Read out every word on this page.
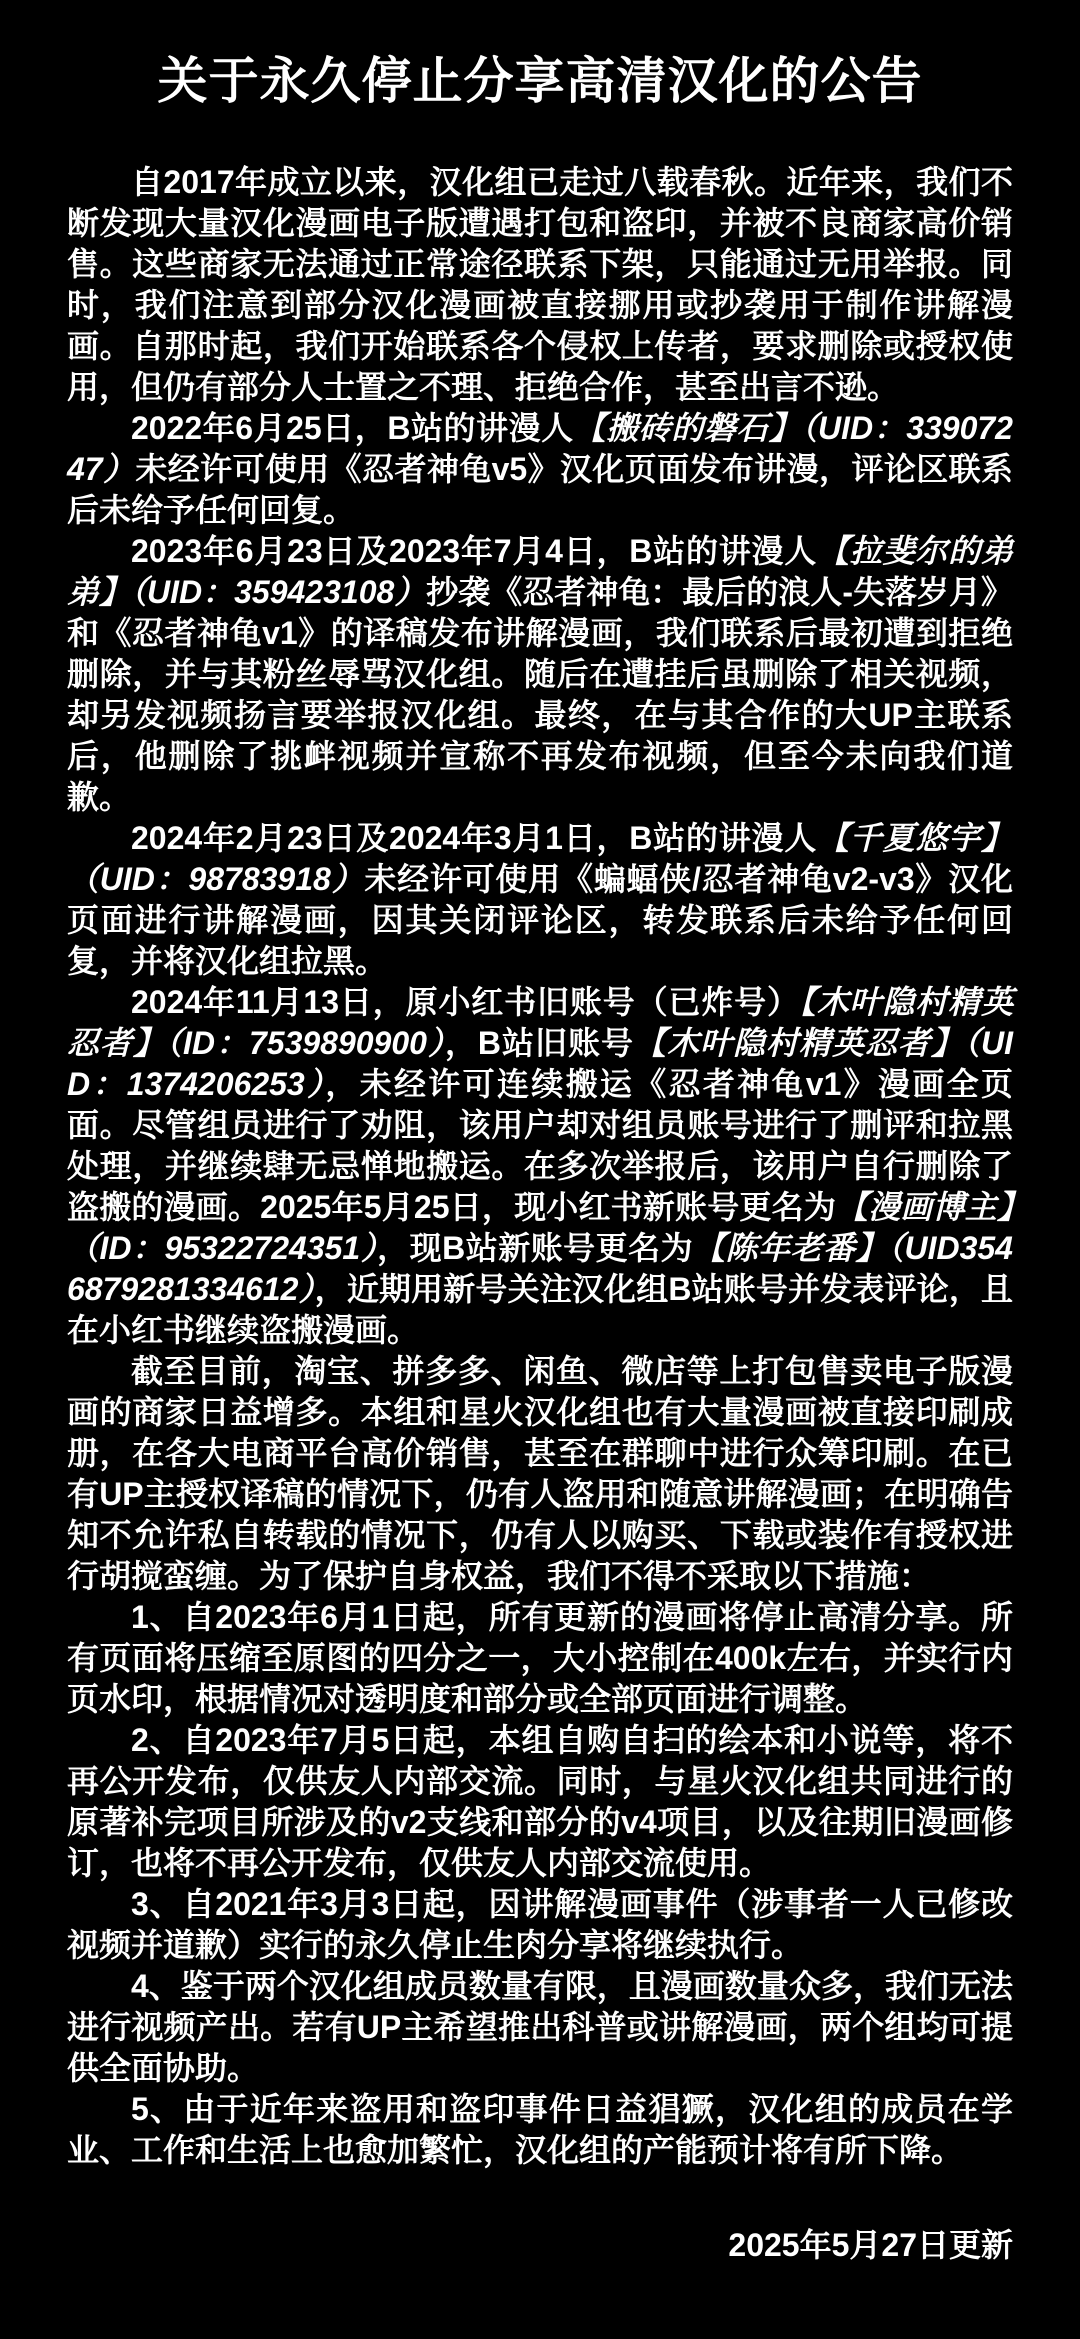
关于永久停止分享高清汉化的公告

自2017年成立以来，汉化组已走过八载春秋。近年来，我们不断发现大量汉化漫画电子版遭遇打包和盗印，并被不良商家高价销售。这些商家无法通过正常途径联系下架，只能通过无用举报。同时，我们注意到部分汉化漫画被直接挪用或抄袭用于制作讲解漫画。自那时起，我们开始联系各个侵权上传者，要求删除或授权使用，但仍有部分人士置之不理、拒绝合作，甚至出言不逊。

2022年6月25日，B站的讲漫人【搬砖的磐石】（UID：33907247）未经许可使用《忍者神龟v5》汉化页面发布讲漫，评论区联系后未给予任何回复。

2023年6月23日及2023年7月4日，B站的讲漫人【拉斐尔的弟弟】（UID：359423108）抄袭《忍者神龟：最后的浪人-失落岁月》和《忍者神龟v1》的译稿发布讲解漫画，我们联系后最初遭到拒绝删除，并与其粉丝辱骂汉化组。随后在遭挂后虽删除了相关视频，却另发视频扬言要举报汉化组。最终，在与其合作的大UP主联系后，他删除了挑衅视频并宣称不再发布视频，但至今未向我们道歉。

2024年2月23日及2024年3月1日，B站的讲漫人【千夏悠宇】（UID：98783918）未经许可使用《蝙蝠侠/忍者神龟v2-v3》汉化页面进行讲解漫画，因其关闭评论区，转发联系后未给予任何回复，并将汉化组拉黑。

2024年11月13日，原小红书旧账号（已炸号）【木叶隐村精英忍者】（ID：7539890900），B站旧账号【木叶隐村精英忍者】（UID：1374206253），未经许可连续搬运《忍者神龟v1》漫画全页面。尽管组员进行了劝阻，该用户却对组员账号进行了删评和拉黑处理，并继续肆无忌惮地搬运。在多次举报后，该用户自行删除了盗搬的漫画。2025年5月25日，现小红书新账号更名为【漫画博主】（ID：95322724351），现B站新账号更名为【陈年老番】（UID3546879281334612），近期用新号关注汉化组B站账号并发表评论，且在小红书继续盗搬漫画。

截至目前，淘宝、拼多多、闲鱼、微店等上打包售卖电子版漫画的商家日益增多。本组和星火汉化组也有大量漫画被直接印刷成册，在各大电商平台高价销售，甚至在群聊中进行众筹印刷。在已有UP主授权译稿的情况下，仍有人盗用和随意讲解漫画；在明确告知不允许私自转载的情况下，仍有人以购买、下载或装作有授权进行胡搅蛮缠。为了保护自身权益，我们不得不采取以下措施：

1、自2023年6月1日起，所有更新的漫画将停止高清分享。所有页面将压缩至原图的四分之一，大小控制在400k左右，并实行内页水印，根据情况对透明度和部分或全部页面进行调整。

2、自2023年7月5日起，本组自购自扫的绘本和小说等，将不再公开发布，仅供友人内部交流。同时，与星火汉化组共同进行的原著补完项目所涉及的v2支线和部分的v4项目，以及往期旧漫画修订，也将不再公开发布，仅供友人内部交流使用。

3、自2021年3月3日起，因讲解漫画事件（涉事者一人已修改视频并道歉）实行的永久停止生肉分享将继续执行。

4、鉴于两个汉化组成员数量有限，且漫画数量众多，我们无法进行视频产出。若有UP主希望推出科普或讲解漫画，两个组均可提供全面协助。

5、由于近年来盗用和盗印事件日益猖獗，汉化组的成员在学业、工作和生活上也愈加繁忙，汉化组的产能预计将有所下降。

2025年5月27日更新
